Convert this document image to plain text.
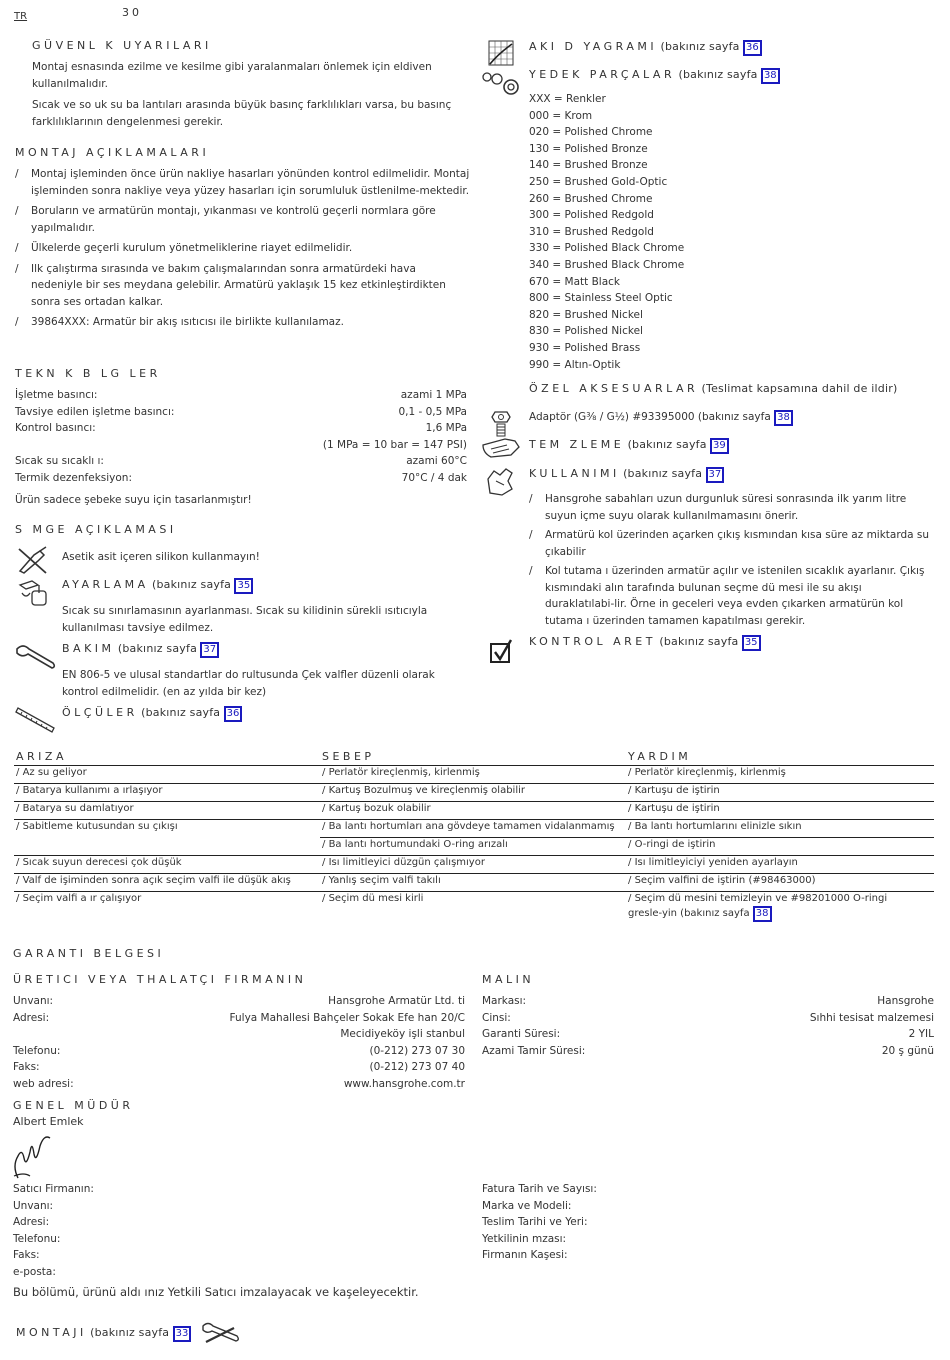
TR	30
GÜVENL K UYARILARI
Montaj esnasında ezilme ve kesilme gibi yaralanmaları önlemek için eldiven kullanılmalıdır.
Sıcak ve so uk su ba lantıları arasında büyük basınç farklılıkları varsa, bu basınç farklılıklarının dengelenmesi gerekir.
MONTAJ AÇIKLAMALARI
/	Montaj işleminden önce ürün nakliye hasarları yönünden kontrol edilmelidir. Montaj işleminden sonra nakliye veya yüzey hasarları için sorumluluk üstlenilme-mektedir.
/	Boruların ve armatürün montajı, yıkanması ve kontrolü geçerli normlara göre yapılmalıdır.
/	Ülkelerde geçerli kurulum yönetmeliklerine riayet edilmelidir.
/	Ilk çalıştırma sırasında ve bakım çalışmalarından sonra armatürdeki hava nedeniyle bir ses meydana gelebilir. Armatürü yaklaşık 15 kez etkinleştirdikten sonra ses ortadan kalkar.
/	39864XXX: Armatür bir akış ısıtıcısı ile birlikte kullanılamaz.
TEKN K B LG LER
İşletme basıncı:	azami 1 MPa
Tavsiye edilen işletme basıncı:	0,1 - 0,5 MPa
Kontrol basıncı:	1,6 MPa
(1 MPa = 10 bar = 147 PSI)
Sıcak su sıcaklı ı:	azami 60°C
Termik dezenfeksiyon:	70°C / 4 dak
Ürün sadece şebeke suyu için tasarlanmıştır!
S MGE AÇIKLAMASI
Asetik asit içeren silikon kullanmayın!
AYARLAMA (bakınız sayfa 35
Sıcak su sınırlamasının ayarlanması. Sıcak su kilidinin sürekli ısıtıcıyla kullanılması tavsiye edilmez.
BAKIM (bakınız sayfa 37
EN 806-5 ve ulusal standartlar do rultusunda Çek valfler düzenli olarak kontrol edilmelidir. (en az yılda bir kez)
ÖLÇÜLER (bakınız sayfa 36
AKI D YAGRAMI (bakınız sayfa 36
YEDEK PARÇALAR (bakınız sayfa 38
XXX = Renkler
000 = Krom
020 = Polished Chrome
130 = Polished Bronze
140 = Brushed Bronze
250 = Brushed Gold-Optic
260 = Brushed Chrome
300 = Polished Redgold
310 = Brushed Redgold
330 = Polished Black Chrome
340 = Brushed Black Chrome
670 = Matt Black
800 = Stainless Steel Optic
820 = Brushed Nickel
830 = Polished Nickel
930 = Polished Brass
990 = Altın-Optik
ÖZEL AKSESUARLAR (Teslimat kapsamına dahil de ildir)
Adaptör (G⅜ / G½) #93395000 (bakınız sayfa 38
TEM ZLEME (bakınız sayfa 39
KULLANIMI (bakınız sayfa 37
/	Hansgrohe sabahları uzun durgunluk süresi sonrasında ilk yarım litre suyun içme suyu olarak kullanılmamasını önerir.
/	Armatürü kol üzerinden açarken çıkış kısmından kısa süre az miktarda su çıkabilir
/	Kol tutama ı üzerinden armatür açılır ve istenilen sıcaklık ayarlanır. Çıkış kısmındaki alın tarafında bulunan seçme dü mesi ile su akışı duraklatılabi-lir. Örne in geceleri veya evden çıkarken armatürün kol tutama ı üzerinden tamamen kapatılması gerekir.
KONTROL ARET (bakınız sayfa 35
ARIZA	SEBEP	YARDIM
/ Az su geliyor	/ Perlatör kireçlenmiş, kirlenmiş	/ Perlatör kireçlenmiş, kirlenmiş
/ Batarya kullanımı a ırlaşıyor	/ Kartuş Bozulmuş ve kireçlenmiş olabilir	/ Kartuşu de iştirin
/ Batarya su damlatıyor	/ Kartuş bozuk olabilir	/ Kartuşu de iştirin
/ Sabitleme kutusundan su çıkışı	/ Ba lantı hortumları ana gövdeye tamamen vidalanmamış	/ Ba lantı hortumlarını elinizle sıkın
	/ Ba lantı hortumundaki O-ring arızalı	/ O-ringi de iştirin
/ Sıcak suyun derecesi çok düşük	/ Isı limitleyici düzgün çalışmıyor	/ Isı limitleyiciyi yeniden ayarlayın
/ Valf de işiminden sonra açık seçim valfi ile düşük akış	/ Yanlış seçim valfi takılı	/ Seçim valfini de iştirin (#98463000)
/ Seçim valfi a ır çalışıyor	/ Seçim dü mesi kirli	/ Seçim dü mesini temizleyin ve #98201000 O-ringi gresle-yin (bakınız sayfa 38
GARANTI BELGESI
ÜRETICI VEYA THALATÇI FIRMANIN	MALIN
Unvanı:	Hansgrohe Armatür Ltd. ti
Adresi:	Fulya Mahallesi Bahçeler Sokak Efe han 20/C
Mecidiyeköy işli stanbul
Telefonu:	(0-212) 273 07 30
Faks:	(0-212) 273 07 40
web adresi:	www.hansgrohe.com.tr
Markası:	Hansgrohe
Cinsi:	Sıhhi tesisat malzemesi
Garanti Süresi:	2 YIL
Azami Tamir Süresi:	20 ş günü
GENEL MÜDÜR
Albert Emlek
Satıcı Firmanın:
Unvanı:
Adresi:
Telefonu:
Faks:
e-posta:
Fatura Tarih ve Sayısı:
Marka ve Modeli:
Teslim Tarihi ve Yeri:
Yetkilinin mzası:
Firmanın Kaşesi:
Bu bölümü, ürünü aldı ınız Yetkili Satıcı imzalayacak ve kaşeleyecektir.
MONTAJI (bakınız sayfa 33
